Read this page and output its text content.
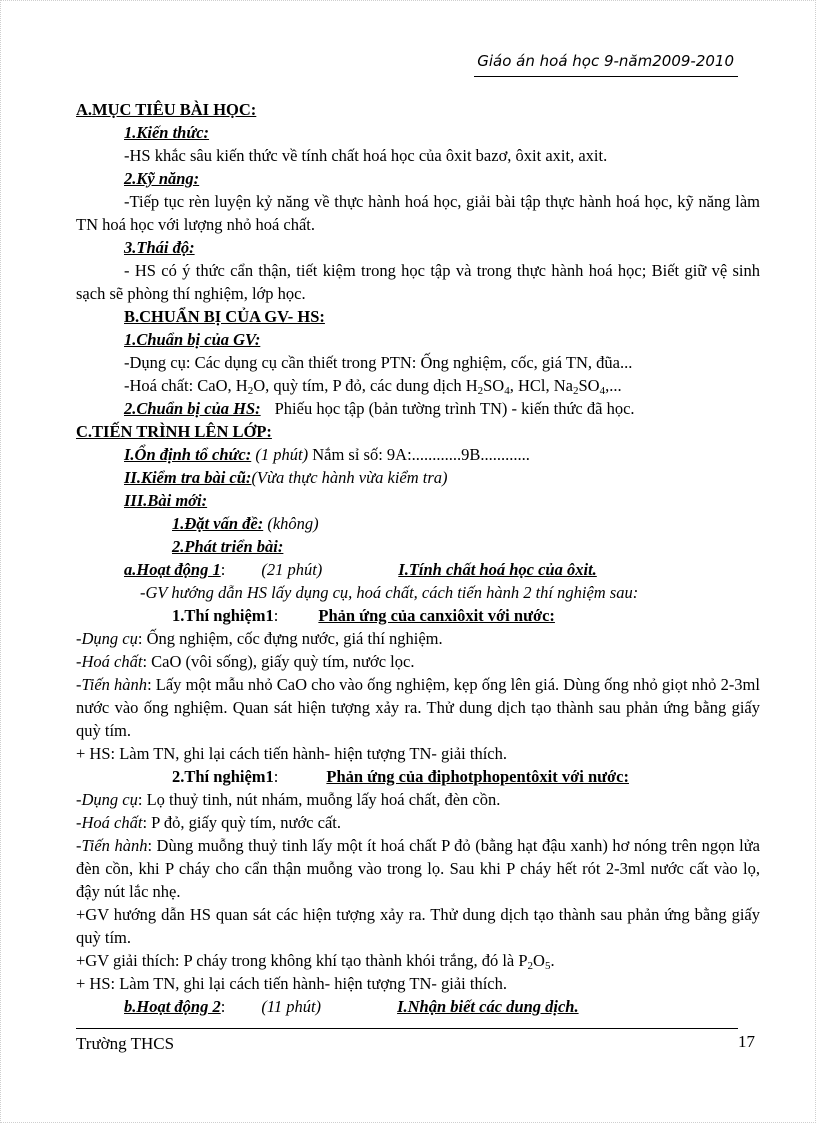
Giáo án hoá học 9-năm2009-2010
A.MỤC TIÊU BÀI HỌC:
1.Kiến thức:
-HS khắc sâu kiến thức về tính chất hoá học của ôxit bazơ, ôxit axit, axit.
2.Kỹ năng:
-Tiếp tục rèn luyện kỷ năng về thực hành hoá học, giải bài tập thực hành hoá học, kỹ năng làm TN hoá học với lượng nhỏ hoá chất.
3.Thái độ:
- HS có ý thức cẩn thận, tiết kiệm trong học tập và trong thực hành hoá học; Biết giữ vệ sinh sạch sẽ phòng thí nghiệm, lớp học.
B.CHUẨN BỊ CỦA GV- HS:
1.Chuẩn bị của GV:
-Dụng cụ: Các dụng cụ cần thiết trong PTN: Ống nghiệm, cốc, giá TN, đũa...
-Hoá chất: CaO, $H_2O$, quỳ tím, P đỏ, các dung dịch $H_2SO_4$, HCl, $Na_2SO_4$,...
2.Chuẩn bị của HS: Phiếu học tập (bản tường trình TN) - kiến thức đã học.
C.TIẾN TRÌNH LÊN LỚP:
I.Ổn định tổ chức: (1 phút) Nắm sỉ số: 9A:............9B............
II.Kiểm tra bài cũ:(Vừa thực hành vừa kiểm tra)
III.Bài mới:
1.Đặt vấn đề: (không)
2.Phát triển bài:
a.Hoạt động 1: (21 phút)	I.Tính chất hoá học của ôxit.
-GV hướng dẫn HS lấy dụng cụ, hoá chất, cách tiến hành 2 thí nghiệm sau:
1.Thí nghiệm1: Phản ứng của canxiôxit với nước:
-Dụng cụ: Ống nghiệm, cốc đựng nước, giá thí nghiệm.
-Hoá chất: CaO (vôi sống), giấy quỳ tím, nước lọc.
-Tiến hành: Lấy một mẫu nhỏ CaO cho vào ống nghiệm, kẹp ống lên giá. Dùng ống nhỏ giọt nhỏ 2-3ml nước vào ống nghiệm. Quan sát hiện tượng xảy ra. Thử dung dịch tạo thành sau phản ứng bằng giấy quỳ tím.
+ HS: Làm TN, ghi lại cách tiến hành- hiện tượng TN- giải thích.
2.Thí nghiệm1:	Phản ứng của điphotphopentôxit với nước:
-Dụng cụ: Lọ thuỷ tinh, nút nhám, muỗng lấy hoá chất, đèn cồn.
-Hoá chất: P đỏ, giấy quỳ tím, nước cất.
-Tiến hành: Dùng muỗng thuỷ tinh lấy một ít hoá chất P đỏ (bằng hạt đậu xanh) hơ nóng trên ngọn lửa đèn cồn, khi P cháy cho cẩn thận muỗng vào trong lọ. Sau khi P cháy hết rót 2-3ml nước cất vào lọ, đậy nút lắc nhẹ.
+GV hướng dẫn HS quan sát các hiện tượng xảy ra. Thử dung dịch tạo thành sau phản ứng bằng giấy quỳ tím.
+GV giải thích: P cháy trong không khí tạo thành khói trắng, đó là $P_2O_5$.
+ HS: Làm TN, ghi lại cách tiến hành- hiện tượng TN- giải thích.
b.Hoạt động 2: (11 phút)	I.Nhận biết các dung dịch.
Trường THCS	17
